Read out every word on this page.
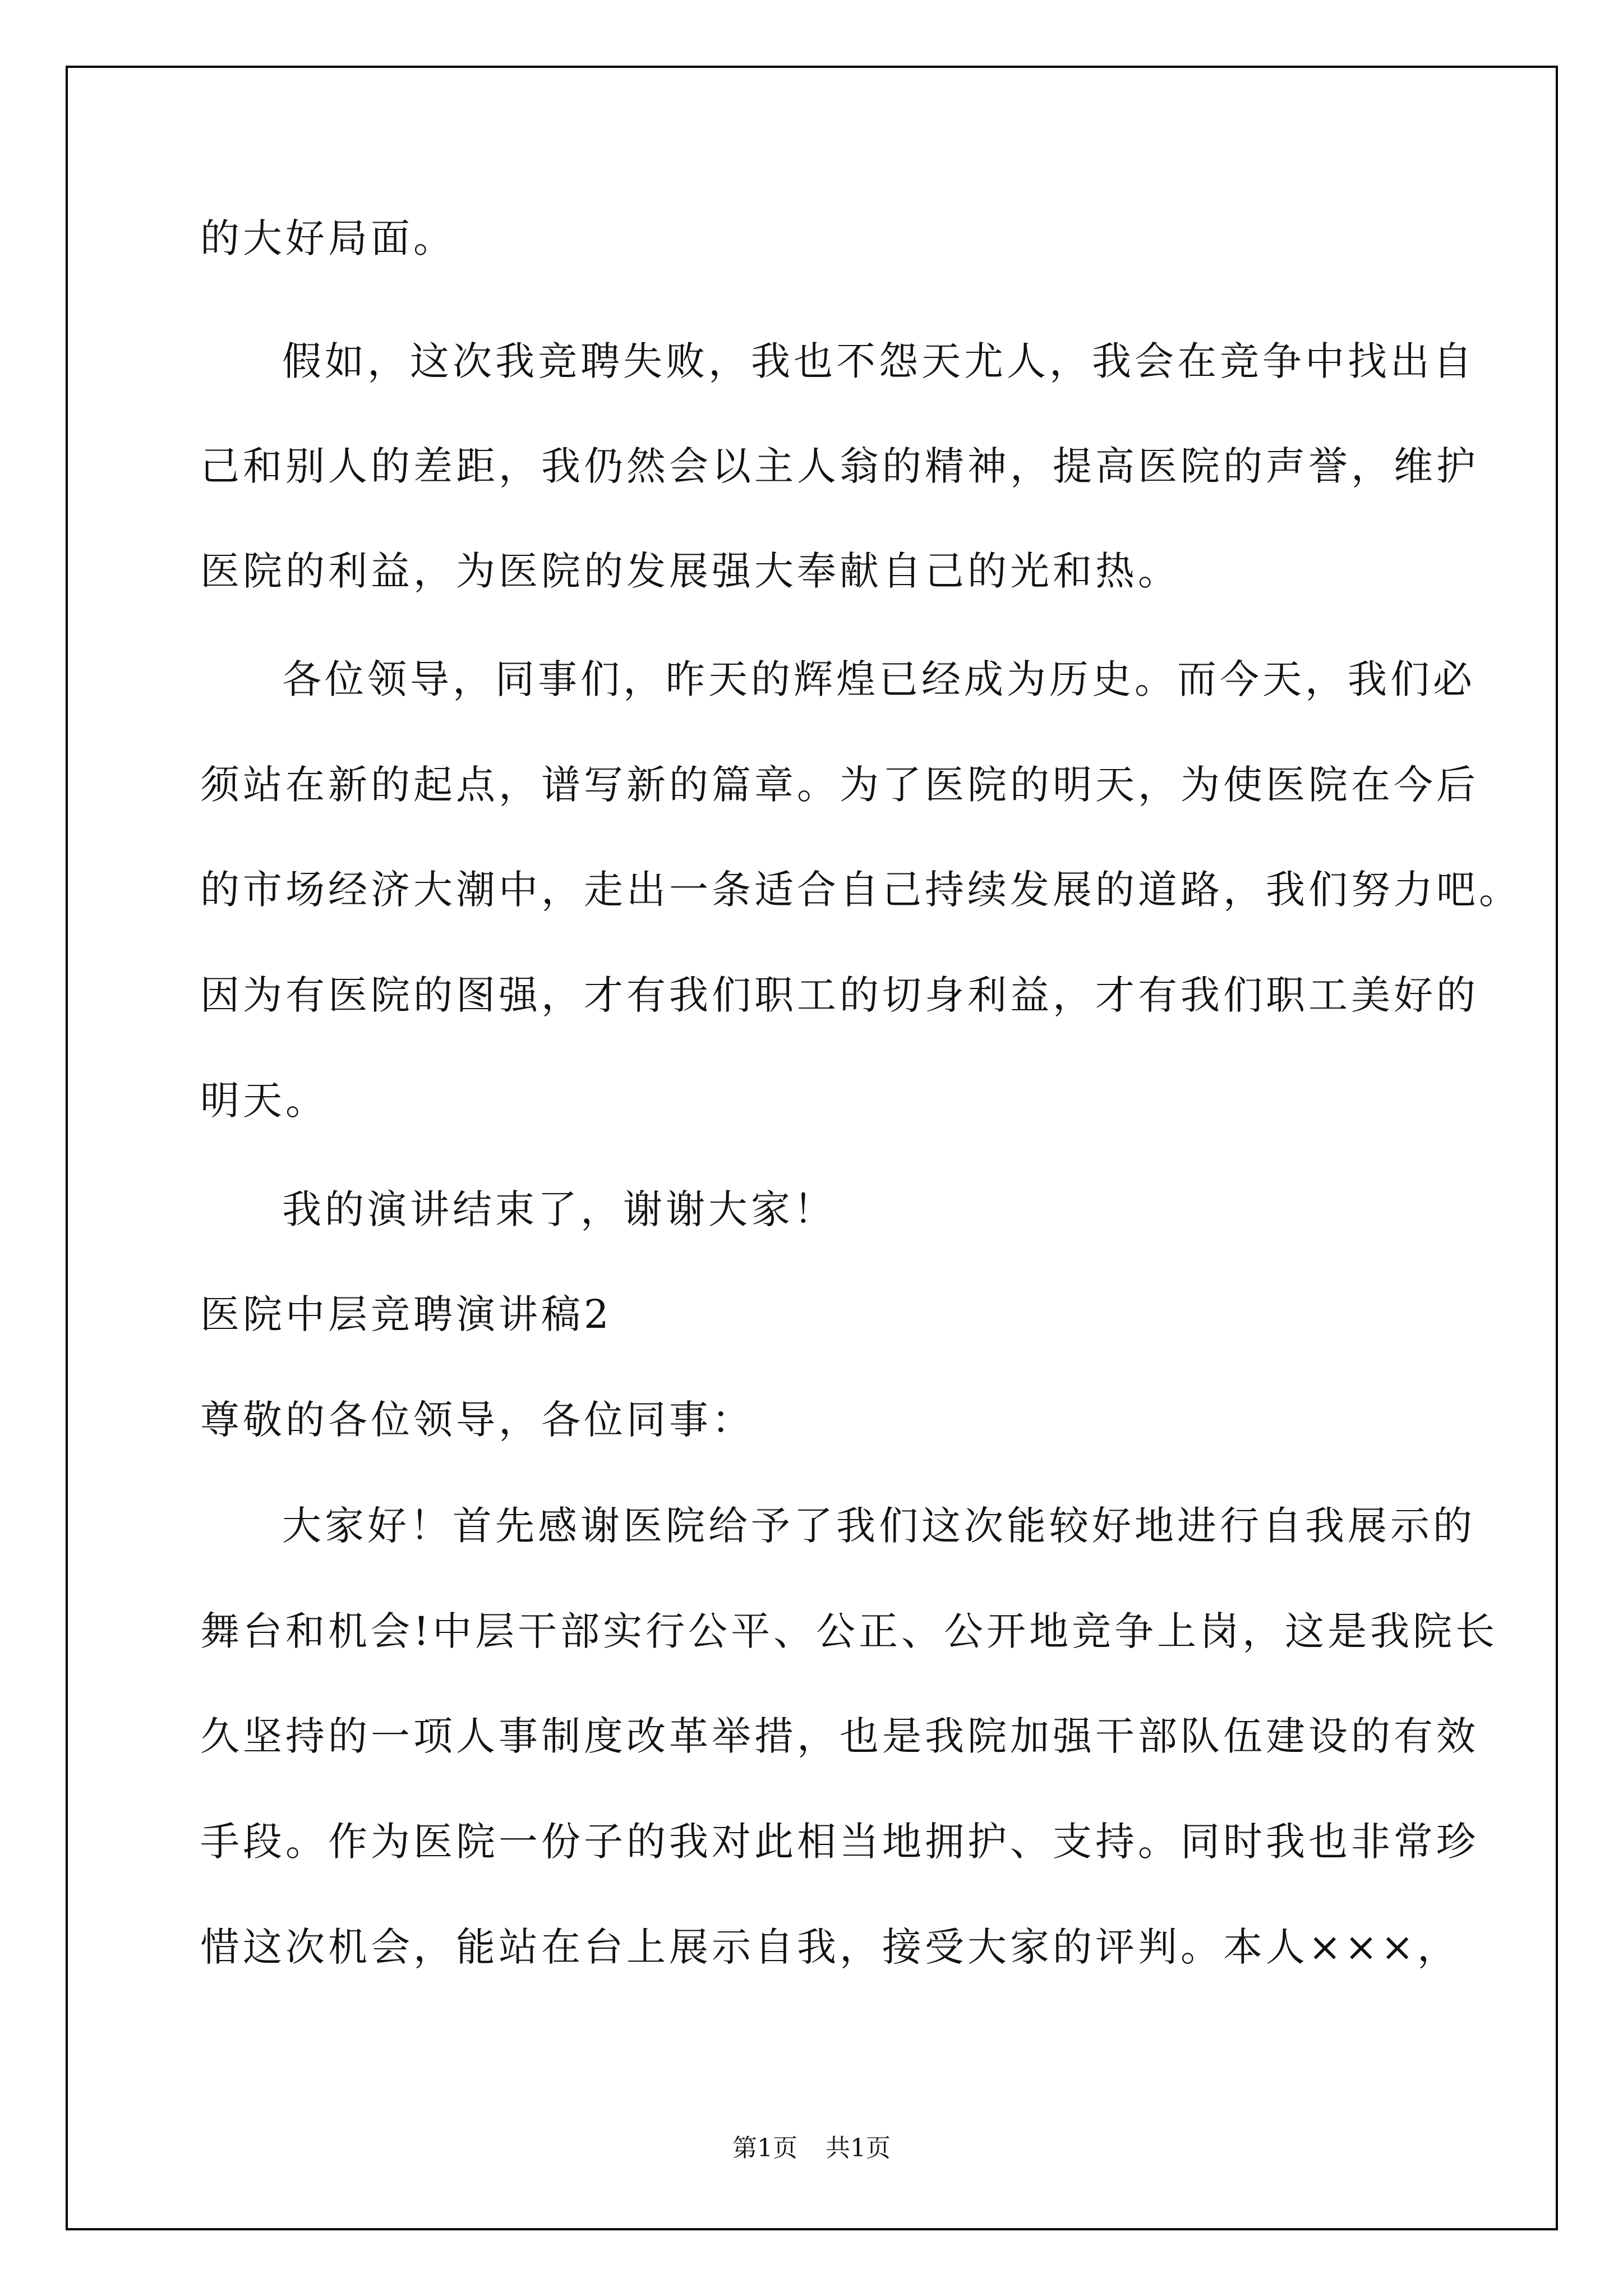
的大好局面。
假如，这次我竞聘失败，我也不怨天尤人，我会在竞争中找出自
己和别人的差距，我仍然会以主人翁的精神，提高医院的声誉，维护
医院的利益，为医院的发展强大奉献自己的光和热。
各位领导，同事们，昨天的辉煌已经成为历史。而今天，我们必
须站在新的起点，谱写新的篇章。为了医院的明天，为使医院在今后
的市场经济大潮中，走出一条适合自己持续发展的道路，我们努力吧。
因为有医院的图强，才有我们职工的切身利益，才有我们职工美好的
明天。
我的演讲结束了，谢谢大家！
医院中层竞聘演讲稿2
尊敬的各位领导，各位同事：
大家好！首先感谢医院给予了我们这次能较好地进行自我展示的
舞台和机会!中层干部实行公平、公正、公开地竞争上岗，这是我院长
久坚持的一项人事制度改革举措，也是我院加强干部队伍建设的有效
手段。作为医院一份子的我对此相当地拥护、支持。同时我也非常珍
惜这次机会，能站在台上展示自我，接受大家的评判。本人×××，
第1页 共1页
